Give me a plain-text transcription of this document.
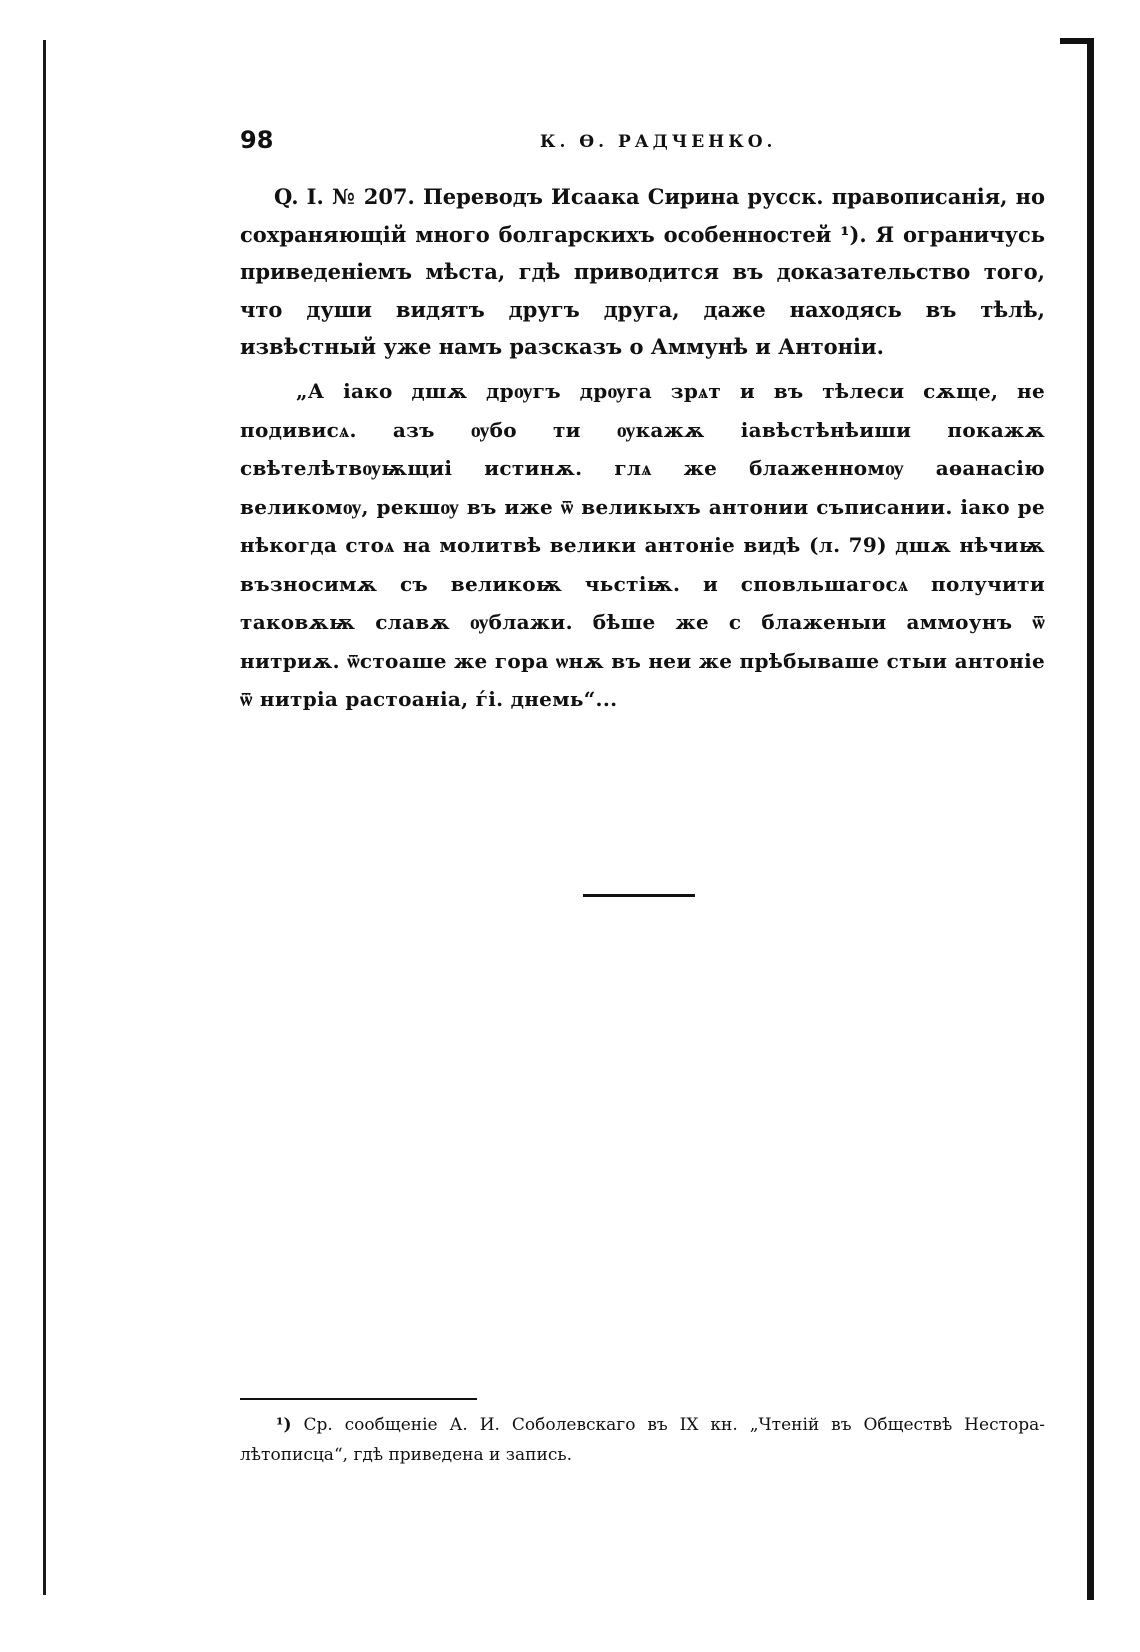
98	К. Ѳ. РАДЧЕНКО.

Q. I. № 207. Переводъ Исаака Сирина русск. правописанія, но сохраняющій много болгарскихъ особенностей ¹). Я ограничусь приведеніемъ мѣста, гдѣ приводится въ доказательство того, что души видятъ другъ друга, даже находясь въ тѣлѣ, извѣстный уже намъ разсказъ о Аммунѣ и Антоніи.

„А іако дшѫ дрѹгъ дрѹга зрѧт и въ тѣлеси сѫще, не подивисѧ. азъ ѹбо ти ѹкажѫ іавѣстѣнѣиши покажѫ свѣтелѣтвѹѭщиі истинѫ. глѧ же блаженномѹ аѳанасію великомѹ, рекшѹ въ иже ѿ великыхъ антонии съписании. іако ре нѣкогда стоѧ на молитвѣ велики антоніе видѣ (л. 79) дшѫ нѣчиѭ възносимѫ съ великоѭ чьстіѭ. и сповльшагосѧ получити таковѫѭ славѫ ѹблажи. бѣше же с блаженыи аммоунъ ѿ нитриѫ. ѿстоаше же гора ѡнѫ въ неи же прѣбываше стыи антоніе ѿ нитріа растоаніа, ѓі. днемь“...

¹) Ср. сообщеніе А. И. Соболевскаго въ IX кн. „Чтеній въ Обществѣ Нестора-лѣтописца“, гдѣ приведена и запись.
